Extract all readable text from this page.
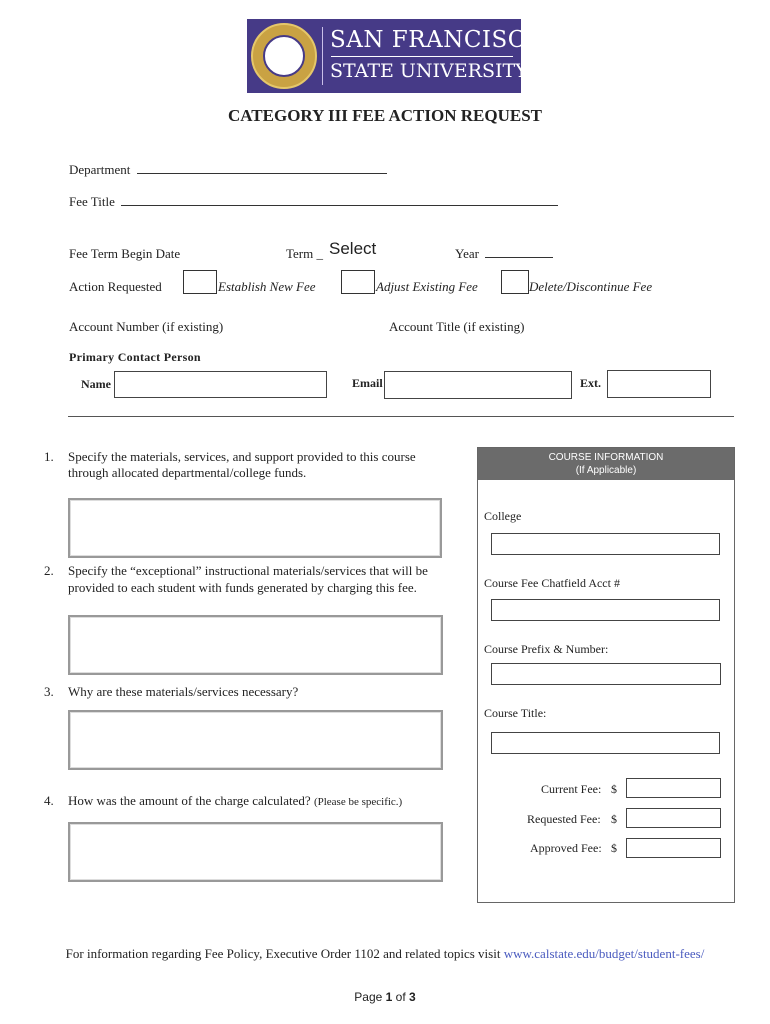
SAN FRANCISCO
STATE UNIVERSITY
CATEGORY III FEE ACTION REQUEST
Department
Fee Title
Fee Term Begin Date	Term _ Select	Year
Action Requested	Establish New Fee	Adjust Existing Fee	Delete/Discontinue Fee
Account Number (if existing)	Account Title (if existing)
Primary Contact Person
Name	Email	Ext.
1. Specify the materials, services, and support provided to this course
through allocated departmental/college funds.
2. Specify the “exceptional” instructional materials/services that will be
provided to each student with funds generated by charging this fee.
3. Why are these materials/services necessary?
4. How was the amount of the charge calculated? (Please be specific.)
COURSE INFORMATION
(If Applicable)
College
Course Fee Chatfield Acct #
Course Prefix & Number:
Course Title:
Current Fee: $
Requested Fee: $
Approved Fee: $
For information regarding Fee Policy, Executive Order 1102 and related topics visit www.calstate.edu/budget/student-fees/
Page 1 of 3
